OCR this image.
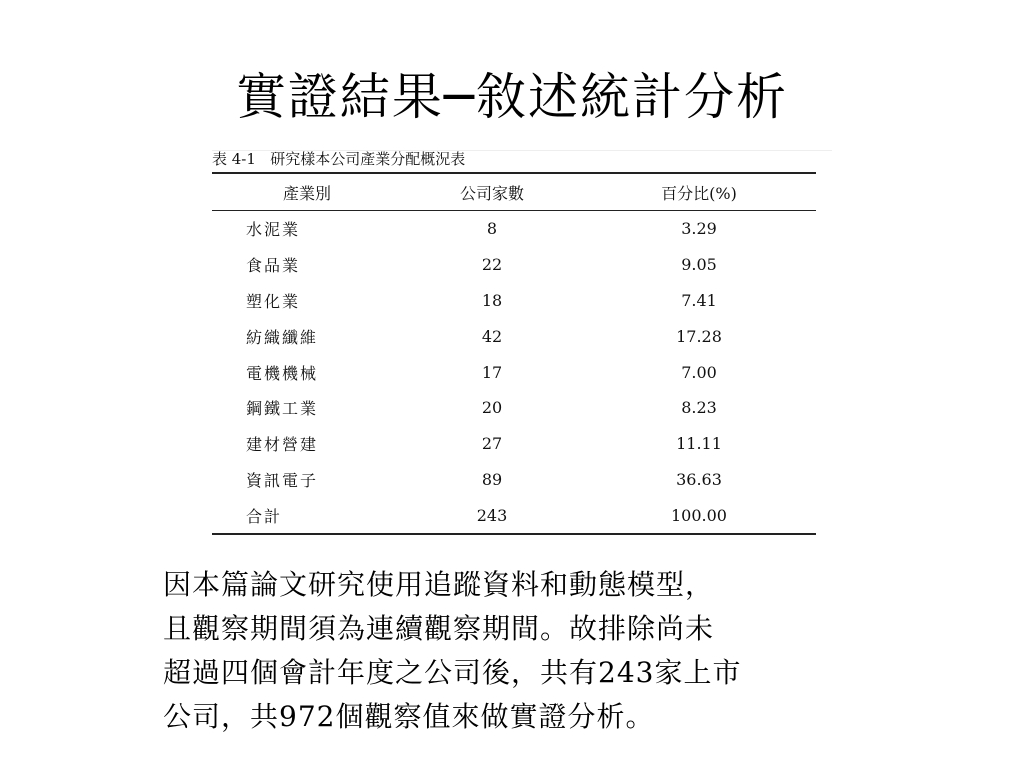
實證結果─敘述統計分析
表 4-1   研究樣本公司產業分配概況表
產業別	公司家數	百分比(%)
水泥業	8	3.29
食品業	22	9.05
塑化業	18	7.41
紡織纖維	42	17.28
電機機械	17	7.00
鋼鐵工業	20	8.23
建材營建	27	11.11
資訊電子	89	36.63
合計	243	100.00

因本篇論文研究使用追蹤資料和動態模型，

且觀察期間須為連續觀察期間。故排除尚未

超過四個會計年度之公司後，共有243家上市

公司，共972個觀察值來做實證分析。
